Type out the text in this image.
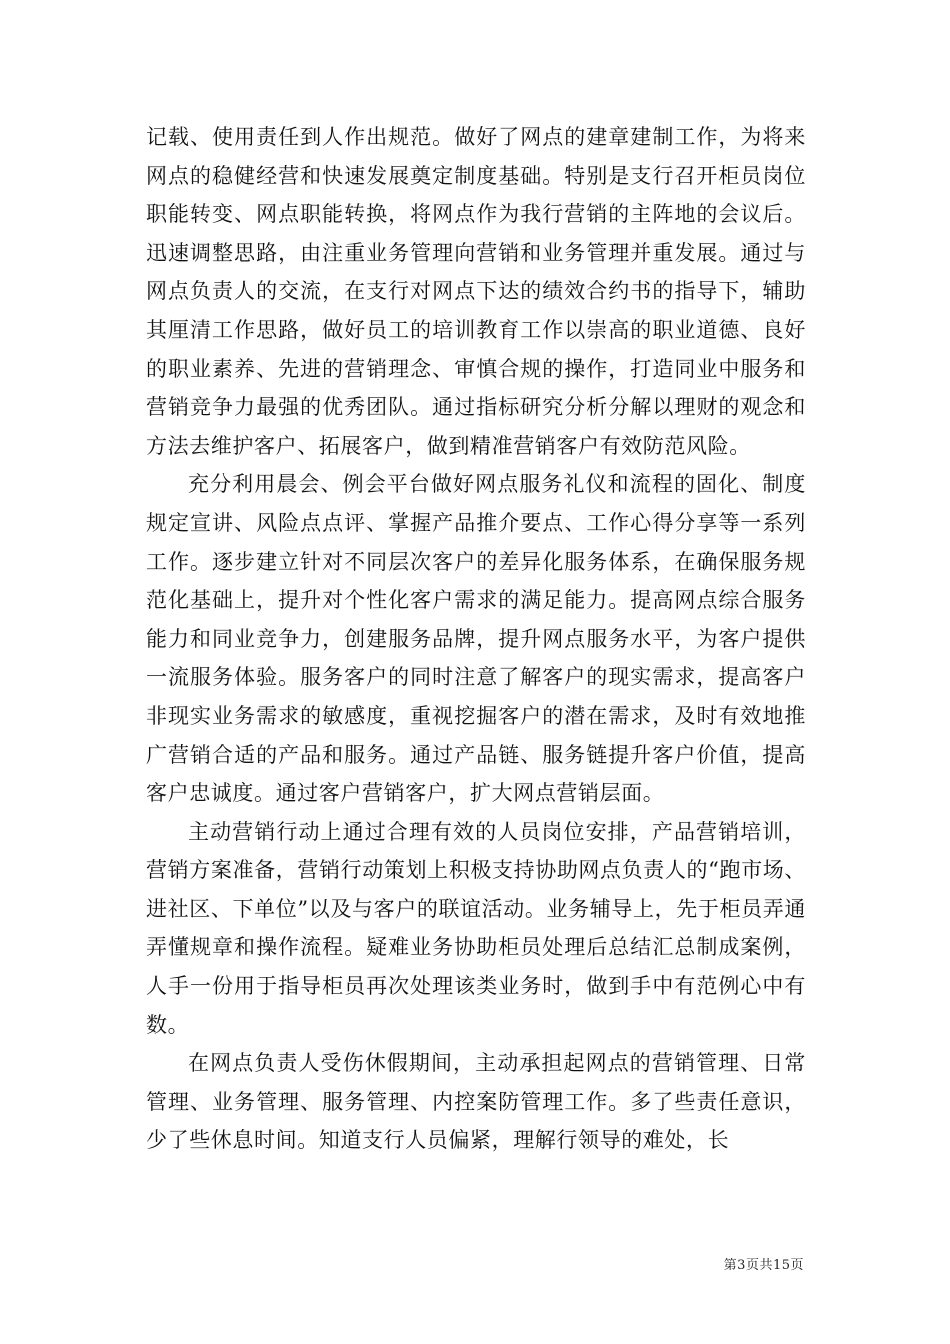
记载、使用责任到人作出规范。做好了网点的建章建制工作，为将来网点的稳健经营和快速发展奠定制度基础。特别是支行召开柜员岗位职能转变、网点职能转换，将网点作为我行营销的主阵地的会议后。迅速调整思路，由注重业务管理向营销和业务管理并重发展。通过与网点负责人的交流，在支行对网点下达的绩效合约书的指导下，辅助其厘清工作思路，做好员工的培训教育工作以崇高的职业道德、良好的职业素养、先进的营销理念、审慎合规的操作，打造同业中服务和营销竞争力最强的优秀团队。通过指标研究分析分解以理财的观念和方法去维护客户、拓展客户，做到精准营销客户有效防范风险。

充分利用晨会、例会平台做好网点服务礼仪和流程的固化、制度规定宣讲、风险点点评、掌握产品推介要点、工作心得分享等一系列工作。逐步建立针对不同层次客户的差异化服务体系，在确保服务规范化基础上，提升对个性化客户需求的满足能力。提高网点综合服务能力和同业竞争力，创建服务品牌，提升网点服务水平，为客户提供一流服务体验。服务客户的同时注意了解客户的现实需求，提高客户非现实业务需求的敏感度，重视挖掘客户的潜在需求，及时有效地推广营销合适的产品和服务。通过产品链、服务链提升客户价值，提高客户忠诚度。通过客户营销客户，扩大网点营销层面。

主动营销行动上通过合理有效的人员岗位安排，产品营销培训，营销方案准备，营销行动策划上积极支持协助网点负责人的“跑市场、进社区、下单位”以及与客户的联谊活动。业务辅导上，先于柜员弄通弄懂规章和操作流程。疑难业务协助柜员处理后总结汇总制成案例，人手一份用于指导柜员再次处理该类业务时，做到手中有范例心中有数。

在网点负责人受伤休假期间，主动承担起网点的营销管理、日常管理、业务管理、服务管理、内控案防管理工作。多了些责任意识，少了些休息时间。知道支行人员偏紧，理解行领导的难处，长

第3页共15页
